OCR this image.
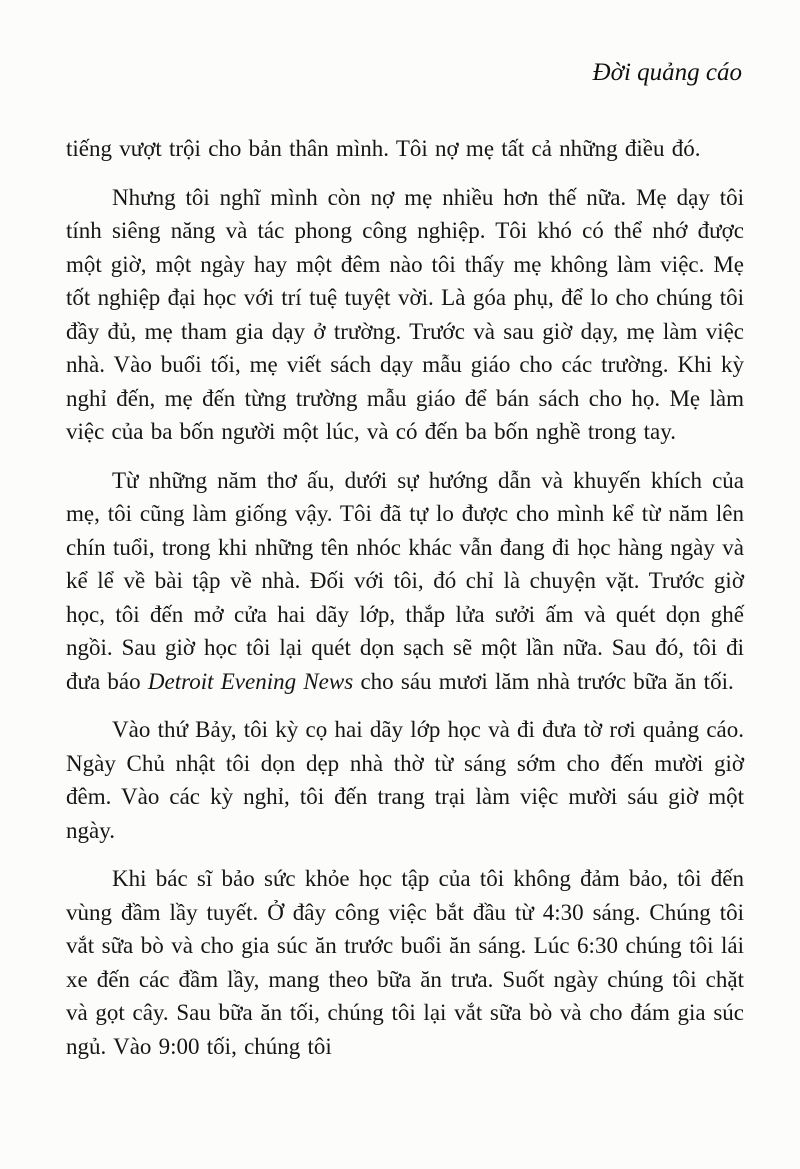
Đời quảng cáo

tiếng vượt trội cho bản thân mình. Tôi nợ mẹ tất cả những điều đó.

Nhưng tôi nghĩ mình còn nợ mẹ nhiều hơn thế nữa. Mẹ dạy tôi tính siêng năng và tác phong công nghiệp. Tôi khó có thể nhớ được một giờ, một ngày hay một đêm nào tôi thấy mẹ không làm việc. Mẹ tốt nghiệp đại học với trí tuệ tuyệt vời. Là góa phụ, để lo cho chúng tôi đầy đủ, mẹ tham gia dạy ở trường. Trước và sau giờ dạy, mẹ làm việc nhà. Vào buổi tối, mẹ viết sách dạy mẫu giáo cho các trường. Khi kỳ nghỉ đến, mẹ đến từng trường mẫu giáo để bán sách cho họ. Mẹ làm việc của ba bốn người một lúc, và có đến ba bốn nghề trong tay.

Từ những năm thơ ấu, dưới sự hướng dẫn và khuyến khích của mẹ, tôi cũng làm giống vậy. Tôi đã tự lo được cho mình kể từ năm lên chín tuổi, trong khi những tên nhóc khác vẫn đang đi học hàng ngày và kể lể về bài tập về nhà. Đối với tôi, đó chỉ là chuyện vặt. Trước giờ học, tôi đến mở cửa hai dãy lớp, thắp lửa sưởi ấm và quét dọn ghế ngồi. Sau giờ học tôi lại quét dọn sạch sẽ một lần nữa. Sau đó, tôi đi đưa báo Detroit Evening News cho sáu mươi lăm nhà trước bữa ăn tối.

Vào thứ Bảy, tôi kỳ cọ hai dãy lớp học và đi đưa tờ rơi quảng cáo. Ngày Chủ nhật tôi dọn dẹp nhà thờ từ sáng sớm cho đến mười giờ đêm. Vào các kỳ nghỉ, tôi đến trang trại làm việc mười sáu giờ một ngày.

Khi bác sĩ bảo sức khỏe học tập của tôi không đảm bảo, tôi đến vùng đầm lầy tuyết. Ở đây công việc bắt đầu từ 4:30 sáng. Chúng tôi vắt sữa bò và cho gia súc ăn trước buổi ăn sáng. Lúc 6:30 chúng tôi lái xe đến các đầm lầy, mang theo bữa ăn trưa. Suốt ngày chúng tôi chặt và gọt cây. Sau bữa ăn tối, chúng tôi lại vắt sữa bò và cho đám gia súc ngủ. Vào 9:00 tối, chúng tôi
